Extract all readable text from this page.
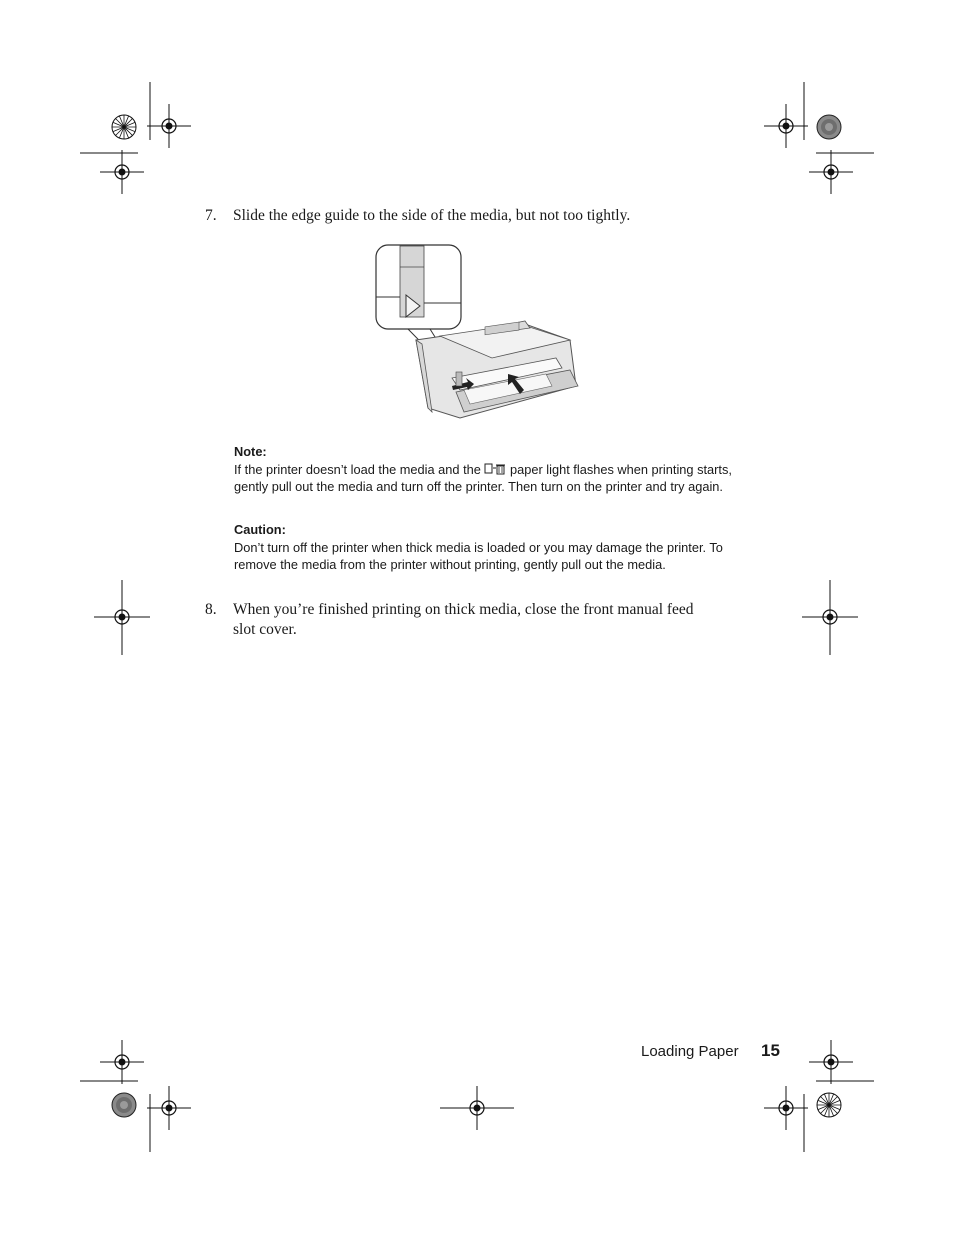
7. Slide the edge guide to the side of the media, but not too tightly.
Note:
If the printer doesn’t load the media and the paper light flashes when printing starts, gently pull out the media and turn off the printer. Then turn on the printer and try again.
Caution:
Don’t turn off the printer when thick media is loaded or you may damage the printer. To remove the media from the printer without printing, gently pull out the media.
8. When you’re finished printing on thick media, close the front manual feed
slot cover.
Loading Paper 15
